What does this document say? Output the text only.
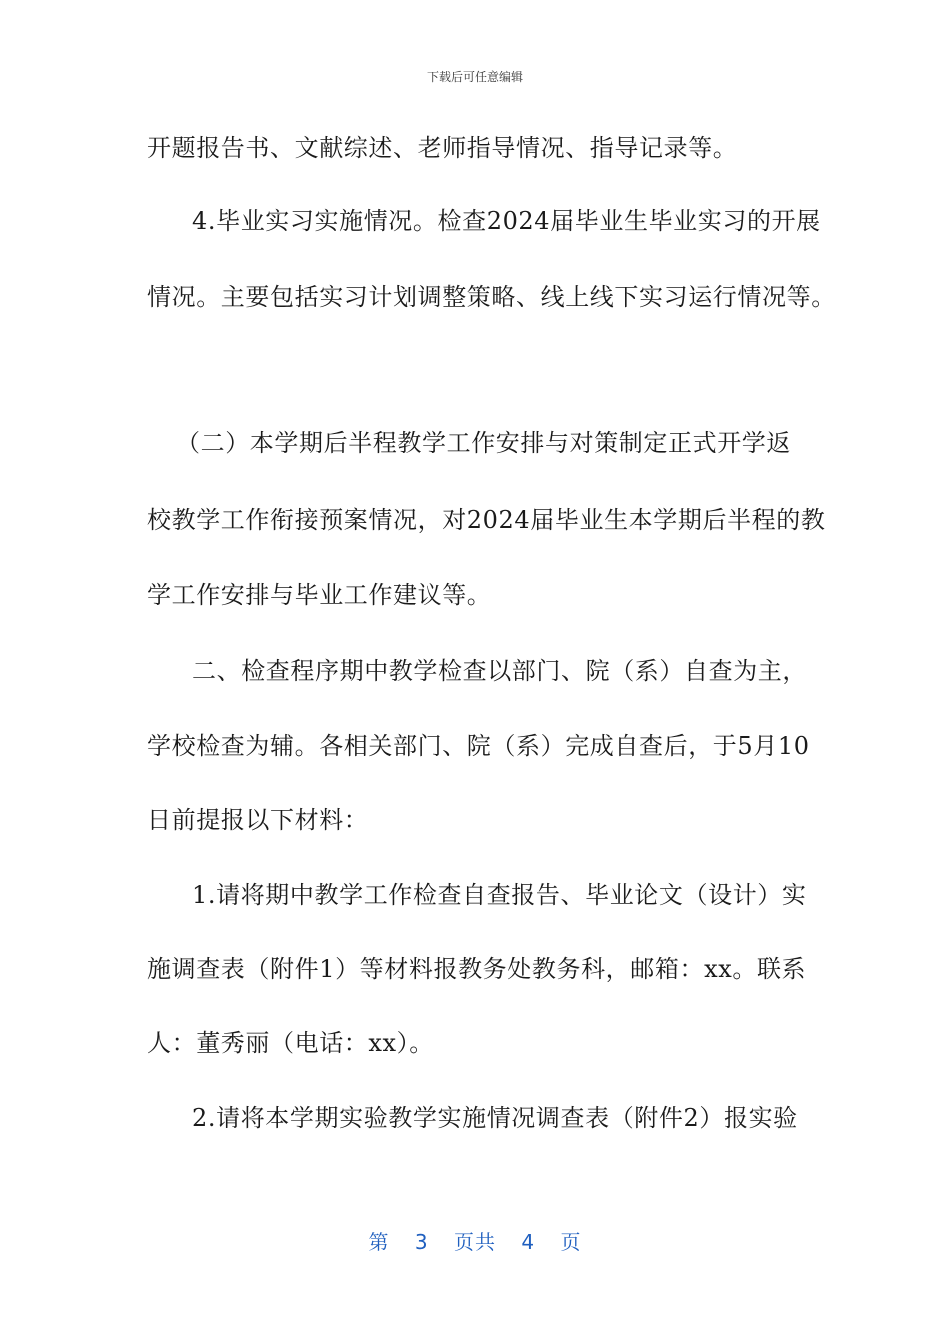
下载后可任意编辑
开题报告书、文献综述、老师指导情况、指导记录等。
4.毕业实习实施情况。检查2024届毕业生毕业实习的开展
情况。主要包括实习计划调整策略、线上线下实习运行情况等。
（二）本学期后半程教学工作安排与对策制定正式开学返
校教学工作衔接预案情况，对2024届毕业生本学期后半程的教
学工作安排与毕业工作建议等。
二、检查程序期中教学检查以部门、院（系）自查为主，
学校检查为辅。各相关部门、院（系）完成自查后，于5月10
日前提报以下材料：
1.请将期中教学工作检查自查报告、毕业论文（设计）实
施调查表（附件1）等材料报教务处教务科，邮箱：xx。联系
人：董秀丽（电话：xx）。
2.请将本学期实验教学实施情况调查表（附件2）报实验
第 3 页共 4 页
